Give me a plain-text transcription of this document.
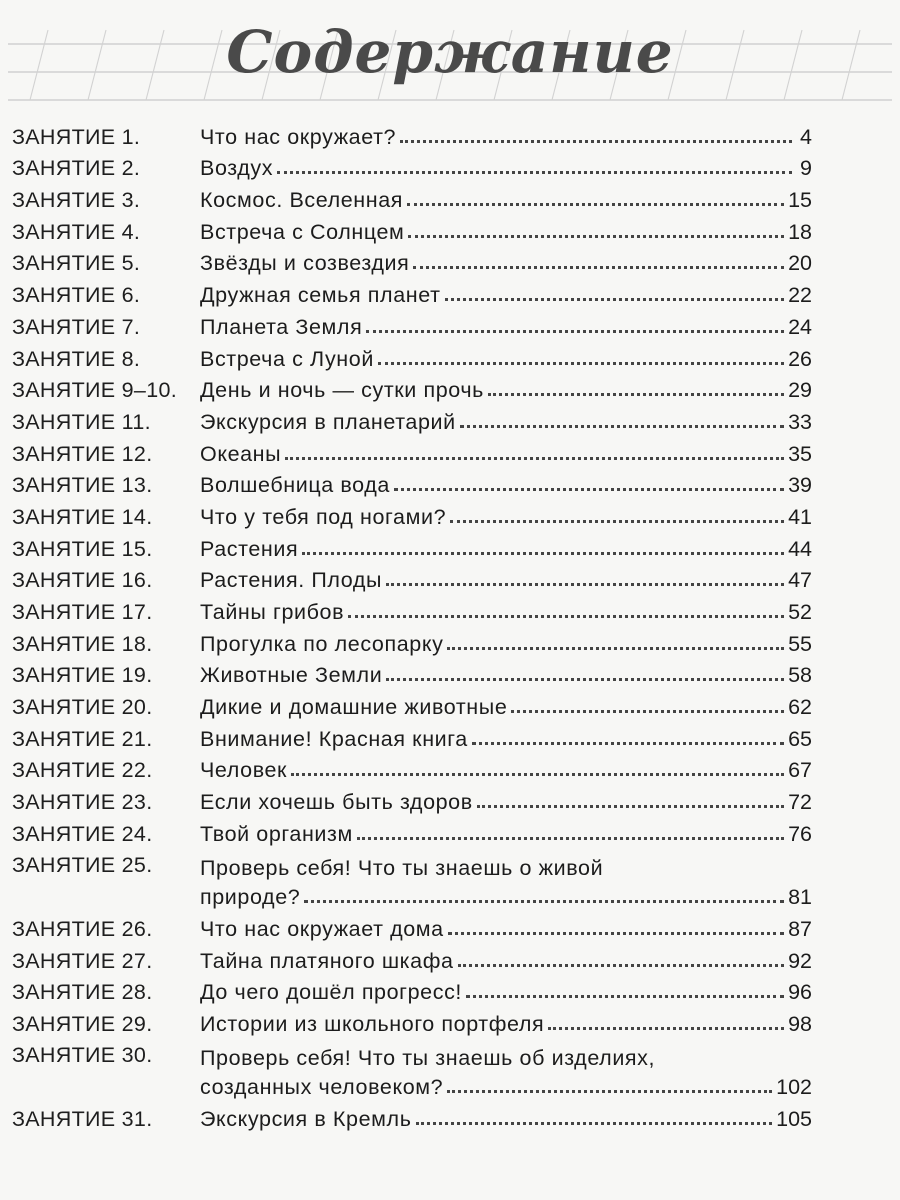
Содержание
ЗАНЯТИЕ 1.	Что нас окружает?	4
ЗАНЯТИЕ 2.	Воздух	9
ЗАНЯТИЕ 3.	Космос. Вселенная	15
ЗАНЯТИЕ 4.	Встреча с Солнцем	18
ЗАНЯТИЕ 5.	Звёзды и созвездия	20
ЗАНЯТИЕ 6.	Дружная семья планет	22
ЗАНЯТИЕ 7.	Планета Земля	24
ЗАНЯТИЕ 8.	Встреча с Луной	26
ЗАНЯТИЕ 9–10.	День и ночь — сутки прочь	29
ЗАНЯТИЕ 11.	Экскурсия в планетарий	33
ЗАНЯТИЕ 12.	Океаны	35
ЗАНЯТИЕ 13.	Волшебница вода	39
ЗАНЯТИЕ 14.	Что у тебя под ногами?	41
ЗАНЯТИЕ 15.	Растения	44
ЗАНЯТИЕ 16.	Растения. Плоды	47
ЗАНЯТИЕ 17.	Тайны грибов	52
ЗАНЯТИЕ 18.	Прогулка по лесопарку	55
ЗАНЯТИЕ 19.	Животные Земли	58
ЗАНЯТИЕ 20.	Дикие и домашние животные	62
ЗАНЯТИЕ 21.	Внимание! Красная книга	65
ЗАНЯТИЕ 22.	Человек	67
ЗАНЯТИЕ 23.	Если хочешь быть здоров	72
ЗАНЯТИЕ 24.	Твой организм	76
ЗАНЯТИЕ 25.	Проверь себя! Что ты знаешь о живой
природе?	81
ЗАНЯТИЕ 26.	Что нас окружает дома	87
ЗАНЯТИЕ 27.	Тайна платяного шкафа	92
ЗАНЯТИЕ 28.	До чего дошёл прогресс!	96
ЗАНЯТИЕ 29.	Истории из школьного портфеля	98
ЗАНЯТИЕ 30.	Проверь себя! Что ты знаешь об изделиях,
созданных человеком?	102
ЗАНЯТИЕ 31.	Экскурсия в Кремль	105
